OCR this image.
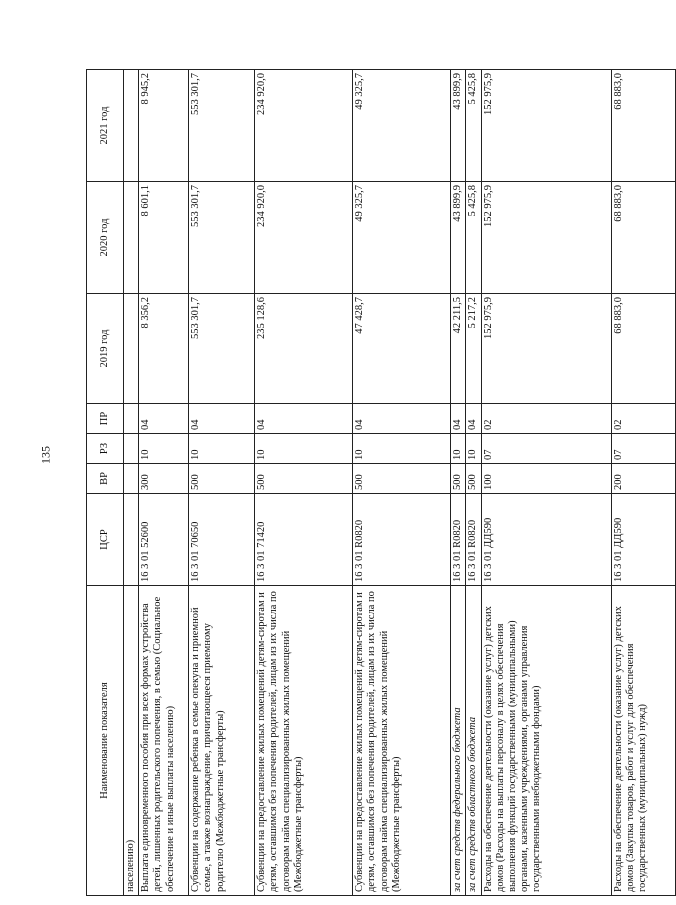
135
Наименование показателя	ЦСР	ВР	РЗ	ПР	2019 год	2020 год	2021 год
населению)							
Выплата единовременного пособия при всех формах устройства детей, лишенных родительского попечения, в семью (Социальное обеспечение и иные выплаты населению)	16 3 01 52600	300	10	04	8 356,2	8 601,1	8 945,2
Субвенции на содержание ребенка в семье опекуна и приемной семье, а также вознаграждение, причитающееся приемному родителю (Межбюджетные трансферты)	16 3 01 70650	500	10	04	553 301,7	553 301,7	553 301,7
Субвенции на предоставление жилых помещений детям-сиротам и детям, оставшимся без попечения родителей, лицам из их числа по договорам найма специализированных жилых помещений (Межбюджетные трансферты)	16 3 01 71420	500	10	04	235 128,6	234 920,0	234 920,0
Субвенции на предоставление жилых помещений детям-сиротам и детям, оставшимся без попечения родителей, лицам из их числа по договорам найма специализированных жилых помещений (Межбюджетные трансферты)	16 3 01 R0820	500	10	04	47 428,7	49 325,7	49 325,7
за счет средств федерального бюджета	16 3 01 R0820	500	10	04	42 211,5	43 899,9	43 899,9
за счет средств областного бюджета	16 3 01 R0820	500	10	04	5 217,2	5 425,8	5 425,8
Расходы на обеспечение деятельности (оказание услуг) детских домов (Расходы на выплаты персоналу в целях обеспечения выполнения функций государственными (муниципальными) органами, казенными учреждениями, органами управления государственными внебюджетными фондами)	16 3 01 ДД590	100	07	02	152 975,9	152 975,9	152 975,9
Расходы на обеспечение деятельности (оказание услуг) детских домов (Закупка товаров, работ и услуг для обеспечения государственных (муниципальных) нужд)	16 3 01 ДД590	200	07	02	68 883,0	68 883,0	68 883,0
